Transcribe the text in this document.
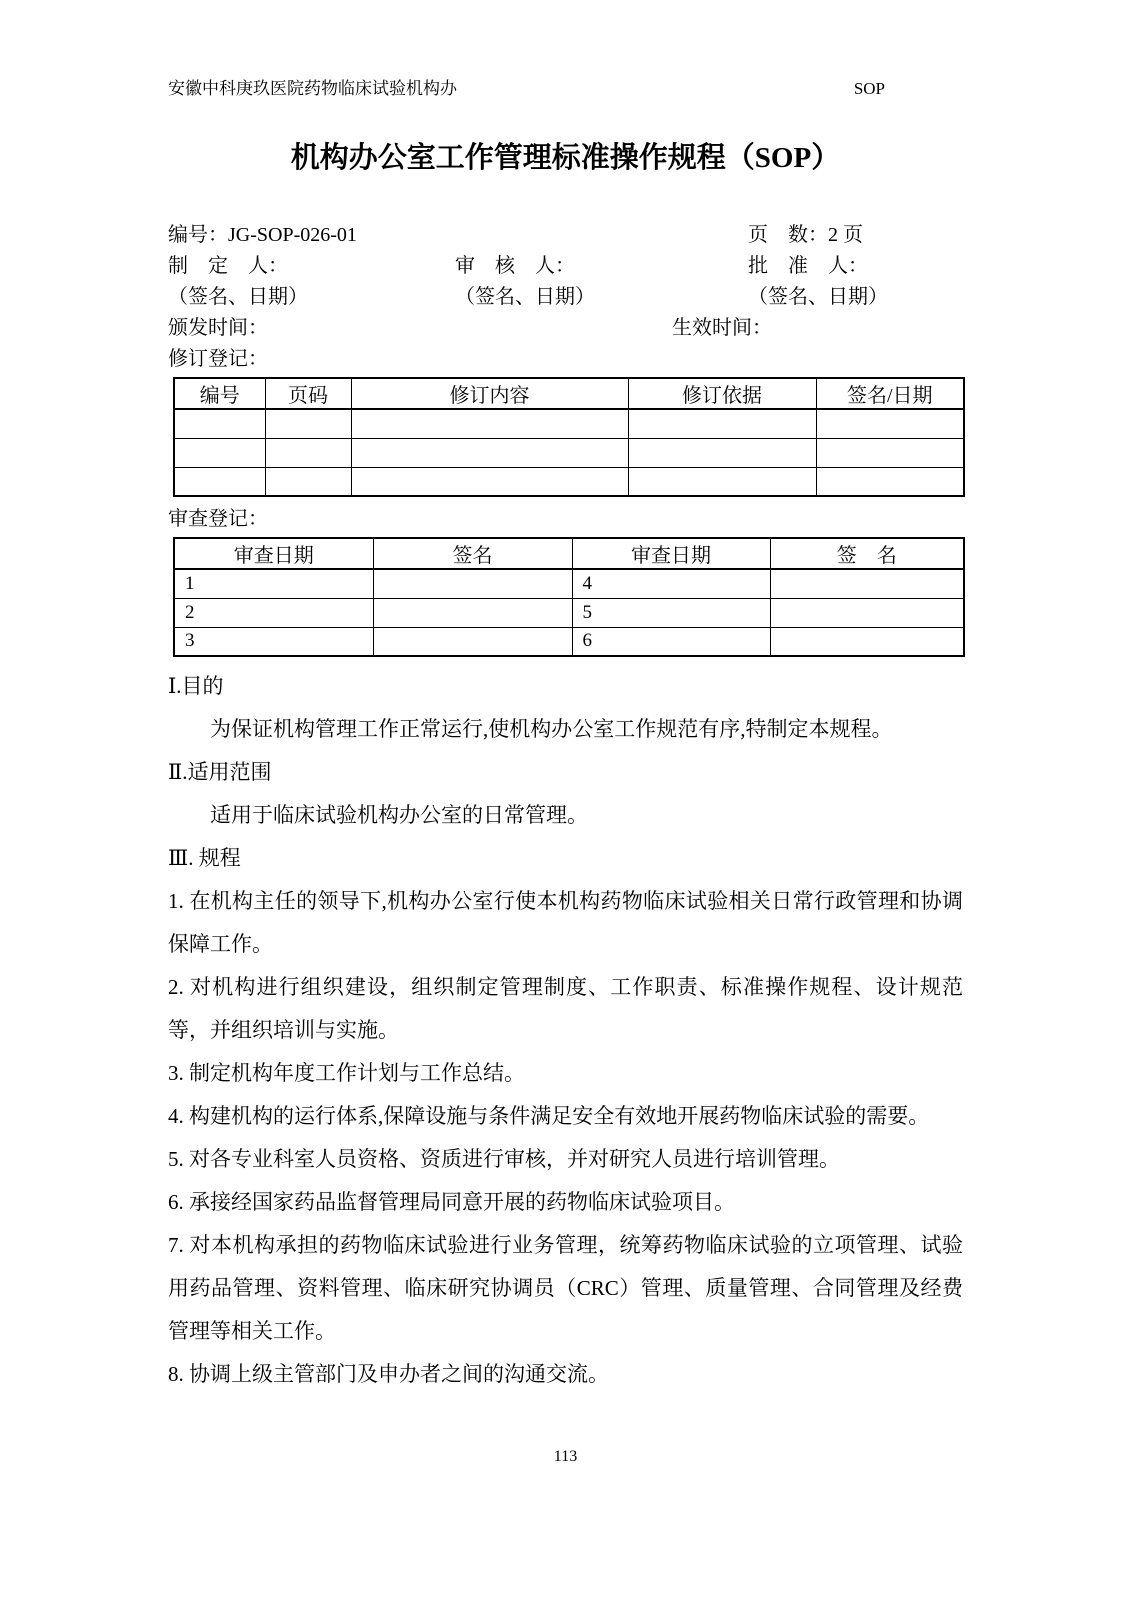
安徽中科庚玖医院药物临床试验机构办	SOP
机构办公室工作管理标准操作规程（SOP）
编号：JG-SOP-026-01	页　数：2 页
制　定　人：	审　核　人：	批　准　人：
（签名、日期）	（签名、日期）	（签名、日期）
颁发时间：	生效时间：
修订登记：
编号	页码	修订内容	修订依据	签名/日期

审查登记：
审查日期	签名	审查日期	签　名
1		4	
2		5	
3		6	

Ⅰ.目的

为保证机构管理工作正常运行,使机构办公室工作规范有序,特制定本规程。

Ⅱ.适用范围

适用于临床试验机构办公室的日常管理。

Ⅲ. 规程

1. 在机构主任的领导下,机构办公室行使本机构药物临床试验相关日常行政管理和协调保障工作。

2. 对机构进行组织建设，组织制定管理制度、工作职责、标准操作规程、设计规范等，并组织培训与实施。

3. 制定机构年度工作计划与工作总结。

4. 构建机构的运行体系,保障设施与条件满足安全有效地开展药物临床试验的需要。

5. 对各专业科室人员资格、资质进行审核，并对研究人员进行培训管理。

6. 承接经国家药品监督管理局同意开展的药物临床试验项目。

7. 对本机构承担的药物临床试验进行业务管理，统筹药物临床试验的立项管理、试验用药品管理、资料管理、临床研究协调员（CRC）管理、质量管理、合同管理及经费管理等相关工作。

8. 协调上级主管部门及申办者之间的沟通交流。

113
